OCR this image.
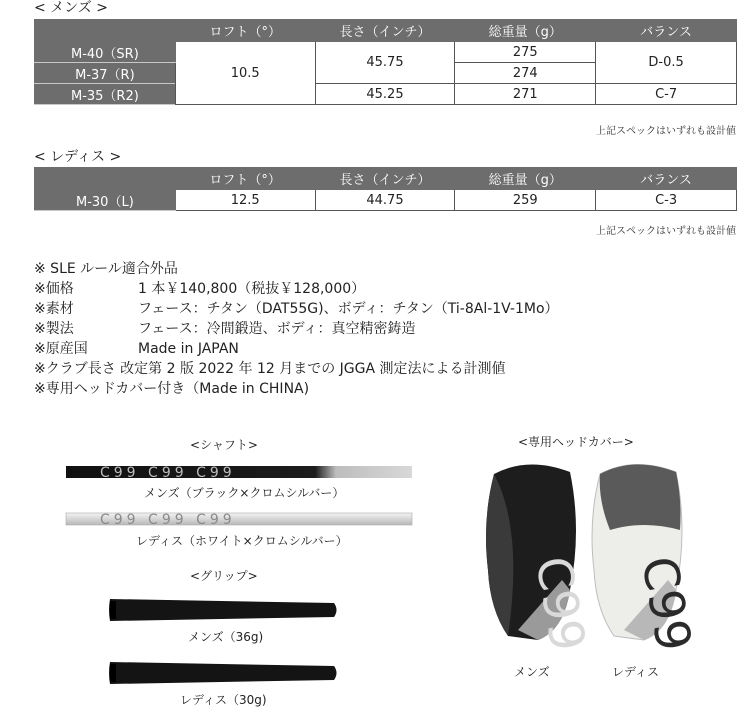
< メンズ >
	ロフト（°）	長さ（インチ）	総重量（g）	バランス
M-40（SR)	10.5	45.75	275	D-0.5
M-37（R)			274	
M-35（R2)		45.25	271	C-7
上記スペックはいずれも設計値
< レディス >
	ロフト（°）	長さ（インチ）	総重量（g）	バランス
M-30（L)	12.5	44.75	259	C-3
上記スペックはいずれも設計値
※ SLE ルール適合外品
※価格	1 本￥140,800（税抜￥128,000）
※素材	フェース：チタン（DAT55G)、ボディ：チタン（Ti-8Al-1V-1Mo）
※製法	フェース：冷間鍛造、ボディ：真空精密鋳造
※原産国	Made in JAPAN
※クラブ長さ 改定第 2 版 2022 年 12 月までの JGGA 測定法による計測値
※専用ヘッドカバー付き（Made in CHINA)
<シャフト>
C99 C99 C99
メンズ（ブラック×クロムシルバー）
C99 C99 C99
レディス（ホワイト×クロムシルバー）
<グリップ>
メンズ（36g)
レディス（30g)
<専用ヘッドカバー>
C99
メンズ
C99
レディス
